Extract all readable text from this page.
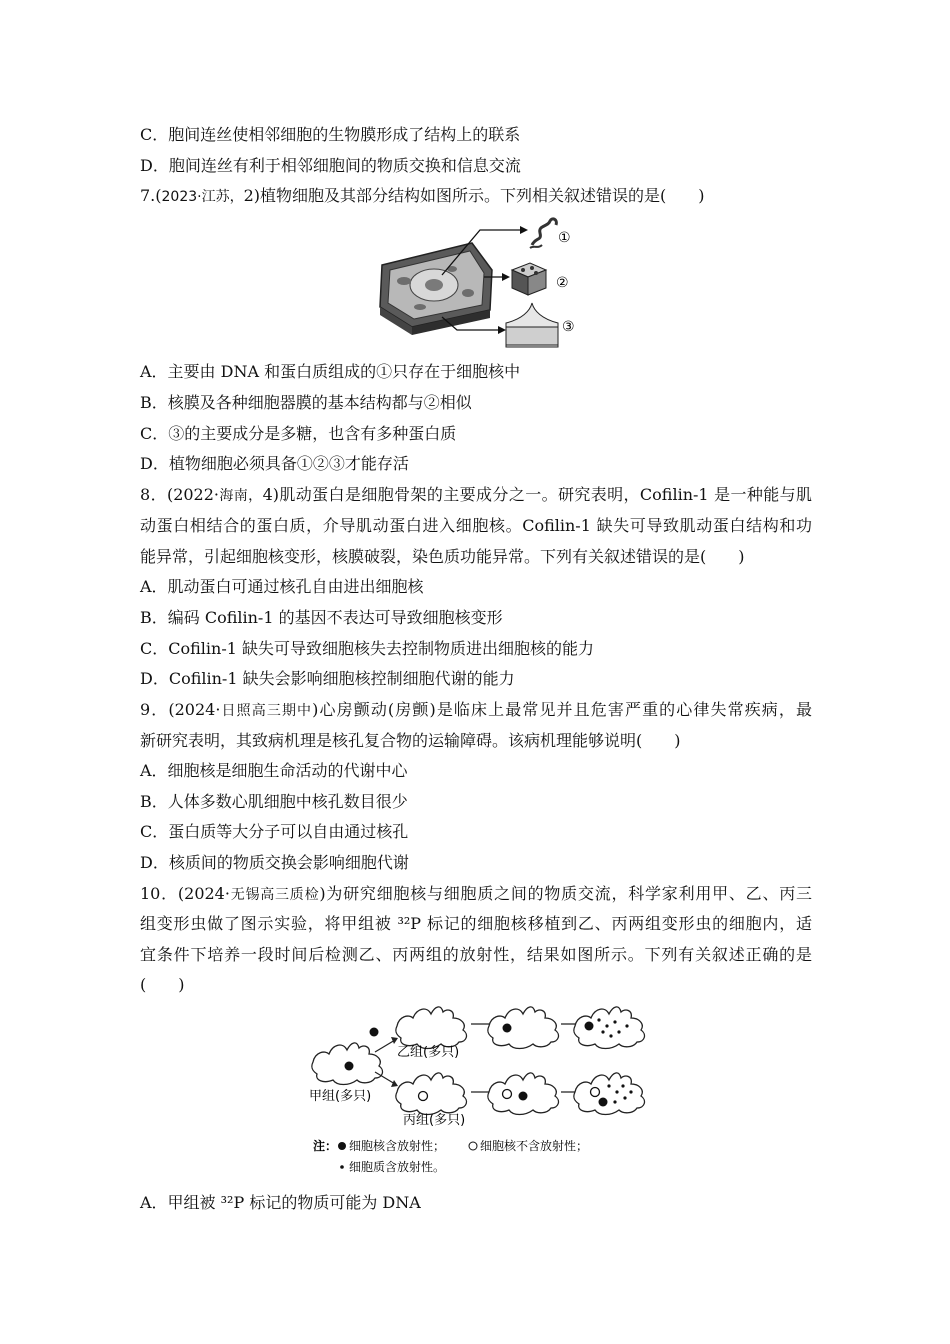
C．胞间连丝使相邻细胞的生物膜形成了结构上的联系
D．胞间连丝有利于相邻细胞间的物质交换和信息交流
7.(2023·江苏，2)植物细胞及其部分结构如图所示。下列相关叙述错误的是(　　)
①
②
③
A．主要由 DNA 和蛋白质组成的①只存在于细胞核中
B．核膜及各种细胞器膜的基本结构都与②相似
C．③的主要成分是多糖，也含有多种蛋白质
D．植物细胞必须具备①②③才能存活
8．(2022·海南，4)肌动蛋白是细胞骨架的主要成分之一。研究表明，Cofilin-1 是一种能与肌
动蛋白相结合的蛋白质，介导肌动蛋白进入细胞核。Cofilin-1 缺失可导致肌动蛋白结构和功
能异常，引起细胞核变形，核膜破裂，染色质功能异常。下列有关叙述错误的是(　　)
A．肌动蛋白可通过核孔自由进出细胞核
B．编码 Cofilin-1 的基因不表达可导致细胞核变形
C．Cofilin-1 缺失可导致细胞核失去控制物质进出细胞核的能力
D．Cofilin-1 缺失会影响细胞核控制细胞代谢的能力
9．(2024·日照高三期中)心房颤动(房颤)是临床上最常见并且危害严重的心律失常疾病，最
新研究表明，其致病机理是核孔复合物的运输障碍。该病机理能够说明(　　)
A．细胞核是细胞生命活动的代谢中心
B．人体多数心肌细胞中核孔数目很少
C．蛋白质等大分子可以自由通过核孔
D．核质间的物质交换会影响细胞代谢
10．(2024·无锡高三质检)为研究细胞核与细胞质之间的物质交流，科学家利用甲、乙、丙三
组变形虫做了图示实验，将甲组被 ³²P 标记的细胞核移植到乙、丙两组变形虫的细胞内，适
宜条件下培养一段时间后检测乙、丙两组的放射性，结果如图所示。下列有关叙述正确的是
(　　)
甲组(多只)
乙组(多只)
丙组(多只)
注： 细胞核含放射性；	细胞核不含放射性；
细胞质含放射性。
A．甲组被 ³²P 标记的物质可能为 DNA
